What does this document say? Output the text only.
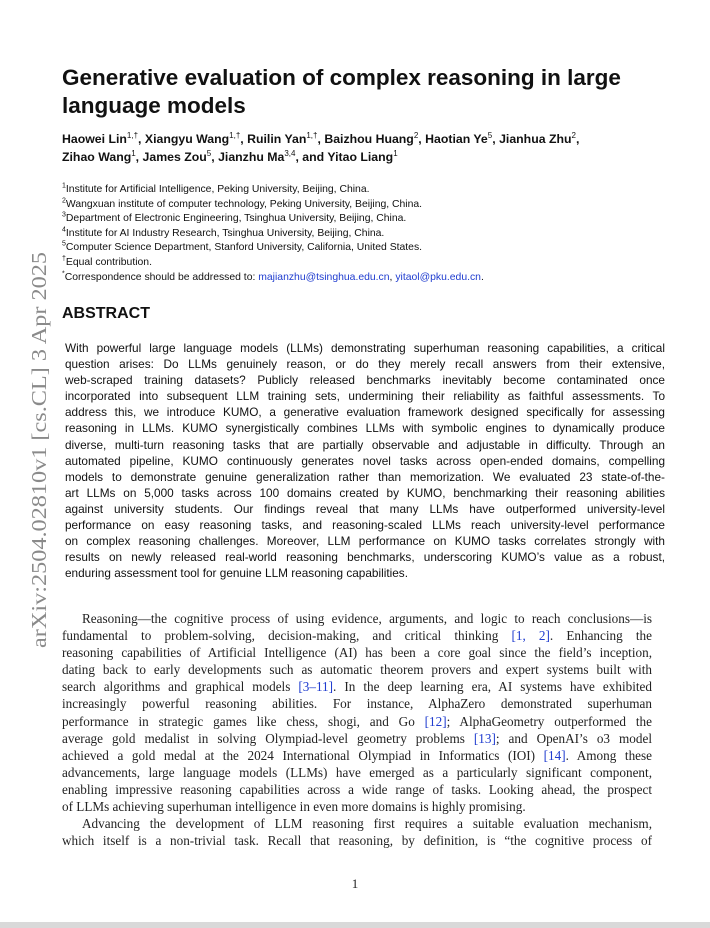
arXiv:2504.02810v1 [cs.CL] 3 Apr 2025
Generative evaluation of complex reasoning in large
language models
Haowei Lin$^{1,\dagger}$, Xiangyu Wang$^{1,\dagger}$, Ruilin Yan$^{1,\dagger}$, Baizhou Huang$^2$, Haotian Ye$^5$, Jianhua Zhu$^2$,
Zihao Wang$^1$, James Zou$^5$, Jianzhu Ma$^{3,4}$, and Yitao Liang$^1$
$^1$Institute for Artificial Intelligence, Peking University, Beijing, China.
$^2$Wangxuan institute of computer technology, Peking University, Beijing, China.
$^3$Department of Electronic Engineering, Tsinghua University, Beijing, China.
$^4$Institute for AI Industry Research, Tsinghua University, Beijing, China.
$^5$Computer Science Department, Stanford University, California, United States.
†Equal contribution.
*Correspondence should be addressed to: majianzhu@tsinghua.edu.cn, yitaol@pku.edu.cn.
ABSTRACT
With powerful large language models (LLMs) demonstrating superhuman reasoning capabilities, a critical
question arises: Do LLMs genuinely reason, or do they merely recall answers from their extensive,
web-scraped training datasets? Publicly released benchmarks inevitably become contaminated once
incorporated into subsequent LLM training sets, undermining their reliability as faithful assessments. To
address this, we introduce KUMO, a generative evaluation framework designed specifically for assessing
reasoning in LLMs. KUMO synergistically combines LLMs with symbolic engines to dynamically produce
diverse, multi-turn reasoning tasks that are partially observable and adjustable in difficulty. Through an
automated pipeline, KUMO continuously generates novel tasks across open-ended domains, compelling
models to demonstrate genuine generalization rather than memorization. We evaluated 23 state-of-the-
art LLMs on 5,000 tasks across 100 domains created by KUMO, benchmarking their reasoning abilities
against university students. Our findings reveal that many LLMs have outperformed university-level
performance on easy reasoning tasks, and reasoning-scaled LLMs reach university-level performance
on complex reasoning challenges. Moreover, LLM performance on KUMO tasks correlates strongly with
results on newly released real-world reasoning benchmarks, underscoring KUMO’s value as a robust,
enduring assessment tool for genuine LLM reasoning capabilities.
Reasoning—the cognitive process of using evidence, arguments, and logic to reach conclusions—is
fundamental to problem-solving, decision-making, and critical thinking [1, 2]. Enhancing the
reasoning capabilities of Artificial Intelligence (AI) has been a core goal since the field’s inception,
dating back to early developments such as automatic theorem provers and expert systems built with
search algorithms and graphical models [3–11]. In the deep learning era, AI systems have exhibited
increasingly powerful reasoning abilities. For instance, AlphaZero demonstrated superhuman
performance in strategic games like chess, shogi, and Go [12]; AlphaGeometry outperformed the
average gold medalist in solving Olympiad-level geometry problems [13]; and OpenAI’s o3 model
achieved a gold medal at the 2024 International Olympiad in Informatics (IOI) [14]. Among these
advancements, large language models (LLMs) have emerged as a particularly significant component,
enabling impressive reasoning capabilities across a wide range of tasks. Looking ahead, the prospect
of LLMs achieving superhuman intelligence in even more domains is highly promising.
Advancing the development of LLM reasoning first requires a suitable evaluation mechanism,
which itself is a non-trivial task. Recall that reasoning, by definition, is “the cognitive process of
1
